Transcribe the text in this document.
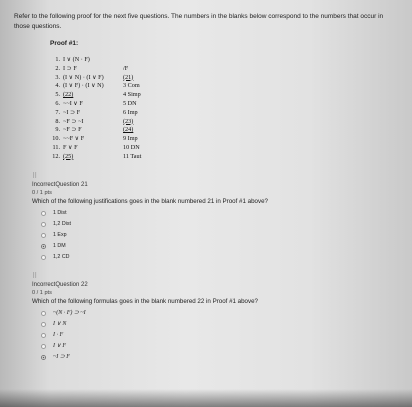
Refer to the following proof for the next five questions. The numbers in the blanks below correspond to the numbers that occur in those questions.
Proof #1:
1. I ∨ (N · F)
2. I ⊃ F	/F
3. (I ∨ N) · (I ∨ F)	(21)
4. (I ∨ F) · (I ∨ N)	3 Com
5. (22)	4 Simp
6. ~~I ∨ F	5 DN
7. ~I ⊃ F	6 Imp
8. ~F ⊃ ~I	(23)
9. ~F ⊃ F	(24)
10. ~~F ∨ F	9 Imp
11. F ∨ F	10 DN
12. (25)	11 Taut
⠿
IncorrectQuestion 21
0 / 1 pts
Which of the following justifications goes in the blank numbered 21 in Proof #1 above?
1 Dist
1,2 Dist
1 Exp
1 DM
1,2 CD
⠿
IncorrectQuestion 22
0 / 1 pts
Which of the following formulas goes in the blank numbered 22 in Proof #1 above?
~(N · F) ⊃ ~I
I ∨ N
I · F
I ∨ F
~I ⊃ F
